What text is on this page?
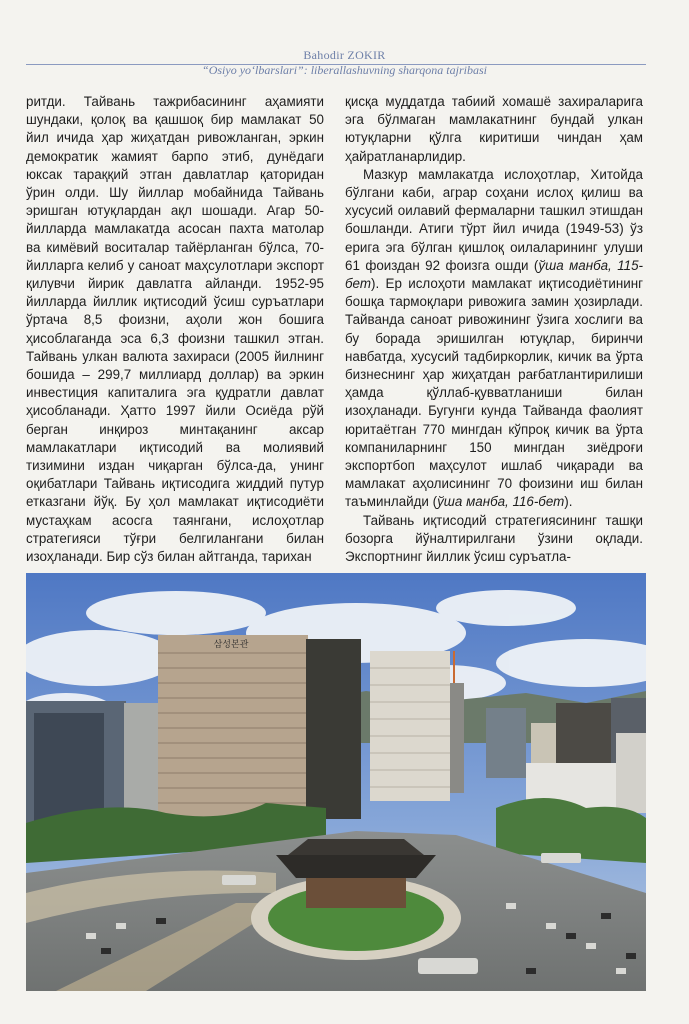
Bahodir ZOKIR
“Osiyo yo‘lbarslari”: liberallashuvning sharqona tajribasi

ритди. Тайвань тажрибасининг аҳамияти шундаки, қолоқ ва қашшоқ бир мамлакат 50 йил ичида ҳар жиҳатдан ривожланган, эркин демократик жамият барпо этиб, дунёдаги юксак тараққий этган давлатлар қаторидан ўрин олди. Шу йиллар мобайнида Тайвань эришган ютуқлардан ақл шошади. Агар 50-йилларда мамлакатда асосан пахта матолар ва кимёвий воситалар тайёрланган бўлса, 70-йилларга келиб у саноат маҳсулотлари экспорт қилувчи йирик давлатга айланди. 1952-95 йилларда йиллик иқтисодий ўсиш суръатлари ўртача 8,5 фоизни, аҳоли жон бошига ҳисоблаганда эса 6,3 фоизни ташкил этган. Тайвань улкан валюта захираси (2005 йилнинг бошида – 299,7 миллиард доллар) ва эркин инвестиция капиталига эга қудратли давлат ҳисобланади. Ҳатто 1997 йили Осиёда рўй берган инқироз минтақанинг аксар мамлакатлари иқтисодий ва молиявий тизимини издан чиқарган бўлса-да, унинг оқибатлари Тайвань иқтисодига жиддий путур етказгани йўқ. Бу ҳол мамлакат иқтисодиёти мустаҳкам асосга таянгани, ислоҳотлар стратегияси тўғри белгилангани билан изоҳланади. Бир сўз билан айтганда, тарихан

қисқа муддатда табиий хомашё захираларига эга бўлмаган мамлакатнинг бундай улкан ютуқларни қўлга киритиши чиндан ҳам ҳайратланарлидир.

Мазкур мамлакатда ислоҳотлар, Хитойда бўлгани каби, аграр соҳани ислоҳ қилиш ва хусусий оилавий фермаларни ташкил этишдан бошланди. Атиги тўрт йил ичида (1949-53) ўз ерига эга бўлган қишлоқ оилаларининг улуши 61 фоиздан 92 фоизга ошди (ўша манба, 115-бет). Ер ислоҳоти мамлакат иқтисодиётининг бошқа тармоқлари ривожига замин ҳозирлади. Тайванда саноат ривожининг ўзига хослиги ва бу борада эришилган ютуқлар, биринчи навбатда, хусусий тадбиркорлик, кичик ва ўрта бизнеснинг ҳар жиҳатдан рағбатлантирилиши ҳамда қўллаб-қувватланиши билан изоҳланади. Бугунги кунда Тайванда фаолият юритаётган 770 мингдан кўпроқ кичик ва ўрта компаниларнинг 150 мингдан зиёдроғи экспортбоп маҳсулот ишлаб чиқаради ва мамлакат аҳолисининг 70 фоизини иш билан таъминлайди (ўша манба, 116-бет).

Тайвань иқтисодий стратегиясининг ташқи бозорга йўналтирилгани ўзини оқлади. Экспортнинг йиллик ўсиш суръатла-

삼성본관
